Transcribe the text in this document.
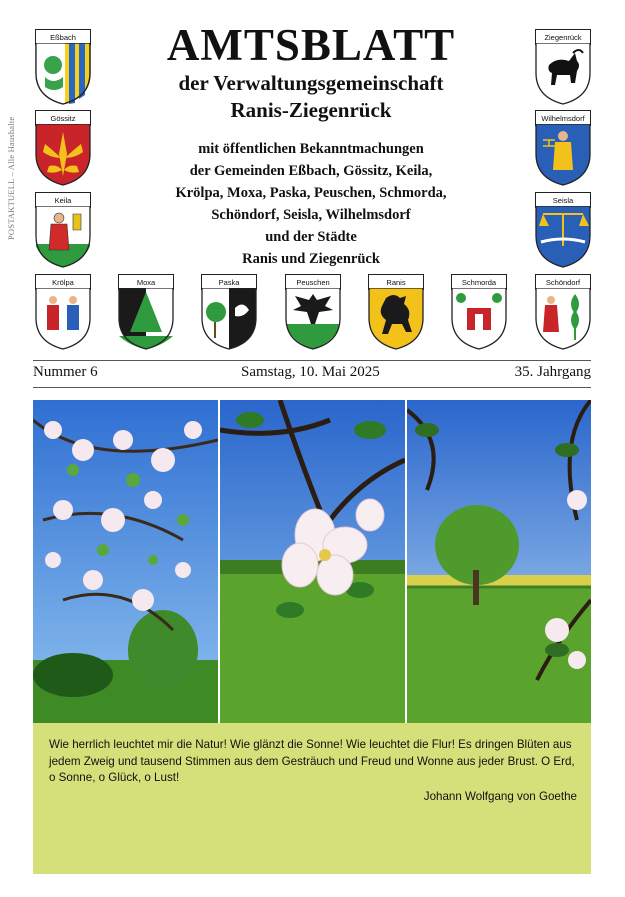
POSTAKTUELL – Alle Haushalte
AMTSBLATT
der Verwaltungsgemeinschaft
Ranis-Ziegenrück
mit öffentlichen Bekanntmachungen
der Gemeinden Eßbach, Gössitz, Keila,
Krölpa, Moxa, Paska, Peuschen, Schmorda,
Schöndorf, Seisla, Wilhelmsdorf
und der Städte
Ranis und Ziegenrück
Eßbach
Gössitz
Keila
Ziegenrück
Wilhelmsdorf
Seisla
Krölpa	Moxa	Paska	Peuschen	Ranis	Schmorda	Schöndorf
Nummer 6	Samstag, 10. Mai 2025	35. Jahrgang
Wie herrlich leuchtet mir die Natur! Wie glänzt die Sonne! Wie leuchtet die Flur! Es dringen Blüten aus jedem Zweig und tausend Stimmen aus dem Gesträuch und Freud und Wonne aus jeder Brust. O Erd, o Sonne, o Glück, o Lust!
Johann Wolfgang von Goethe
